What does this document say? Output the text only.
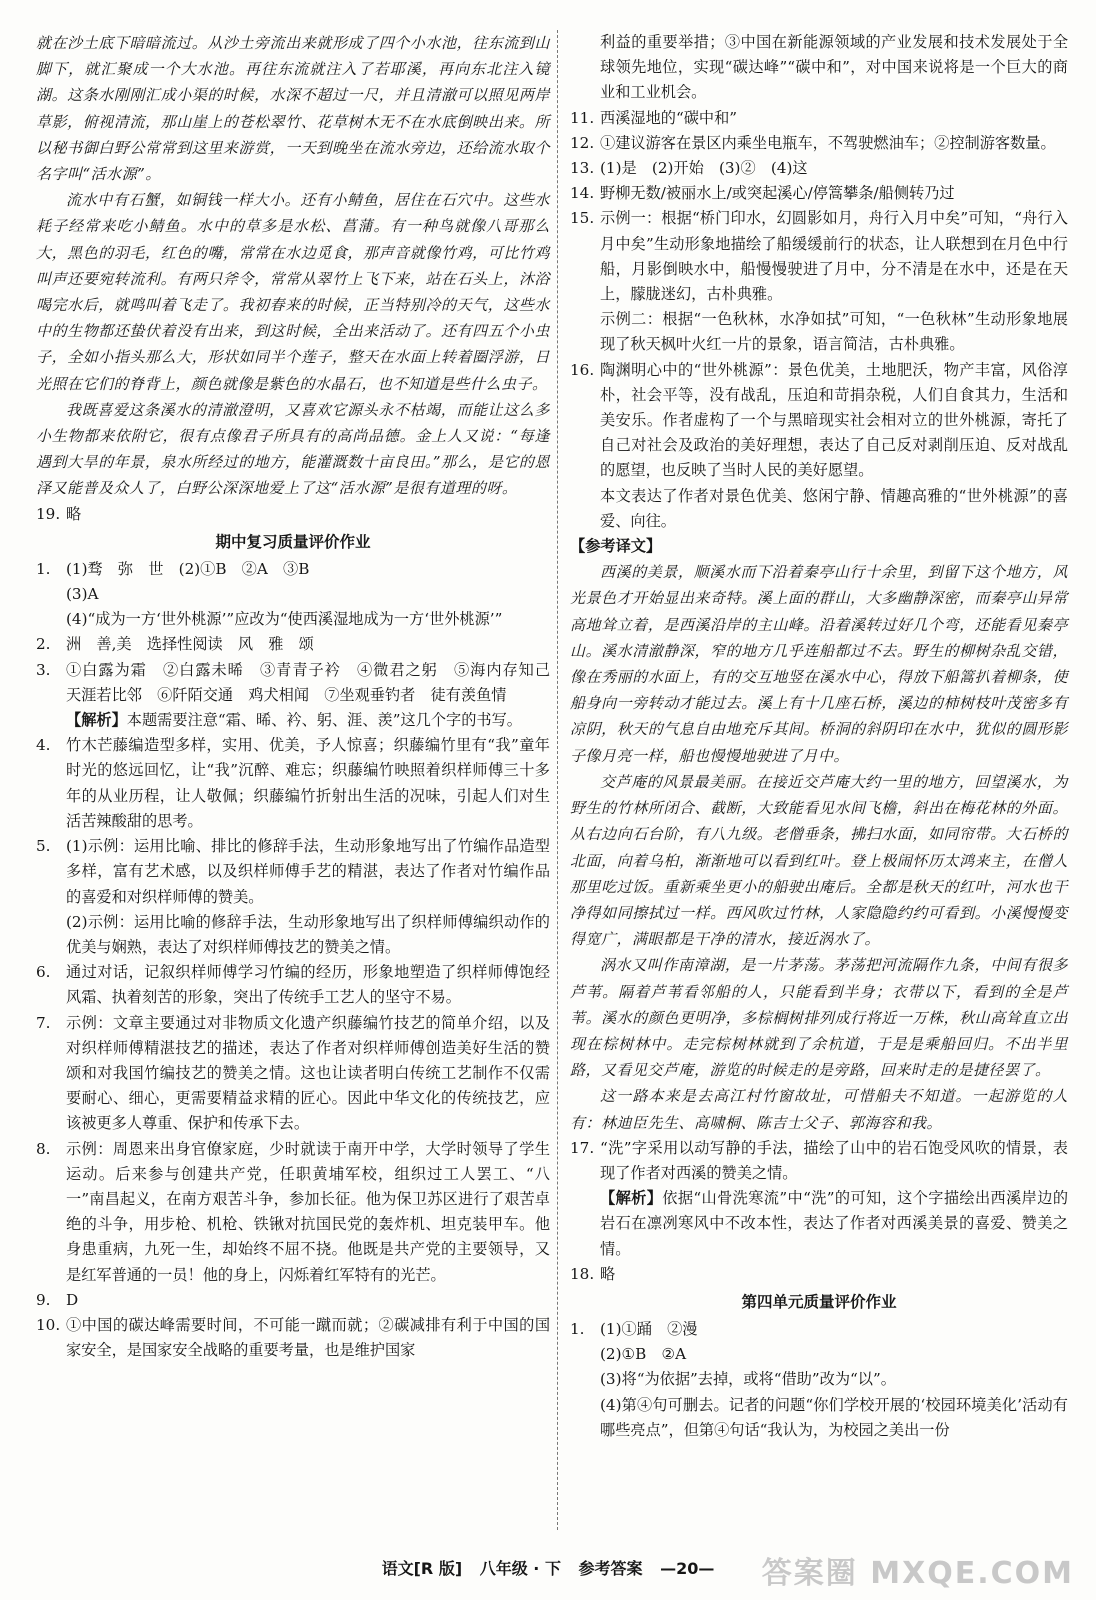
就在沙土底下暗暗流过。从沙土旁流出来就形成了四个小水池，往东流到山脚下，就汇聚成一个大水池。再往东流就注入了若耶溪，再向东北注入镜湖。这条水刚刚汇成小渠的时候，水深不超过一尺，并且清澈可以照见两岸草影，俯视清流，那山崖上的苍松翠竹、花草树木无不在水底倒映出来。所以秘书御白野公常常到这里来游赏，一天到晚坐在流水旁边，还给流水取个名字叫“活水源”。

流水中有石蟹，如铜钱一样大小。还有小鲭鱼，居住在石穴中。这些水耗子经常来吃小鲭鱼。水中的草多是水松、菖蒲。有一种鸟就像八哥那么大，黑色的羽毛，红色的嘴，常常在水边觅食，那声音就像竹鸡，可比竹鸡叫声还要宛转流利。有两只斧令，常常从翠竹上飞下来，站在石头上，沐浴喝完水后，就鸣叫着飞走了。我初春来的时候，正当特别冷的天气，这些水中的生物都还蛰伏着没有出来，到这时候，全出来活动了。还有四五个小虫子，全如小指头那么大，形状如同半个莲子，整天在水面上转着圈浮游，日光照在它们的脊背上，颜色就像是紫色的水晶石，也不知道是些什么虫子。

我既喜爱这条溪水的清澈澄明，又喜欢它源头永不枯竭，而能让这么多小生物都来依附它，很有点像君子所具有的高尚品德。金上人又说：“每逢遇到大旱的年景，泉水所经过的地方，能灌溉数十亩良田。”那么，是它的恩泽又能普及众人了，白野公深深地爱上了这“活水源”是很有道理的呀。

19. 略
期中复习质量评价作业
1.	(1)骛　弥　世　(2)①B　②A　③B

(3)A

(4)“成为一方‘世外桃源’”应改为“使西溪湿地成为一方‘世外桃源’”

2.	洲　善,美　选择性阅读　风　雅　颂
3.	①白露为霜　②白露未晞　③青青子衿　④微君之躬　⑤海内存知己　天涯若比邻　⑥阡陌交通　鸡犬相闻　⑦坐观垂钓者　徒有羡鱼情

【解析】本题需要注意“霜、晞、衿、躬、涯、羡”这几个字的书写。

4.	竹木芒藤编造型多样，实用、优美，予人惊喜；织藤编竹里有“我”童年时光的悠远回忆，让“我”沉醉、难忘；织藤编竹映照着织样师傅三十多年的从业历程，让人敬佩；织藤编竹折射出生活的况味，引起人们对生活苦辣酸甜的思考。
5.	(1)示例：运用比喻、排比的修辞手法，生动形象地写出了竹编作品造型多样，富有艺术感，以及织样师傅手艺的精湛，表达了作者对竹编作品的喜爱和对织样师傅的赞美。

(2)示例：运用比喻的修辞手法，生动形象地写出了织样师傅编织动作的优美与娴熟，表达了对织样师傅技艺的赞美之情。

6.	通过对话，记叙织样师傅学习竹编的经历，形象地塑造了织样师傅饱经风霜、执着刻苦的形象，突出了传统手工艺人的坚守不易。
7.	示例：文章主要通过对非物质文化遗产织藤编竹技艺的简单介绍，以及对织样师傅精湛技艺的描述，表达了作者对织样师傅创造美好生活的赞颂和对我国竹编技艺的赞美之情。这也让读者明白传统工艺制作不仅需要耐心、细心，更需要精益求精的匠心。因此中华文化的传统技艺，应该被更多人尊重、保护和传承下去。
8.	示例：周恩来出身官僚家庭，少时就读于南开中学，大学时领导了学生运动。后来参与创建共产党，任职黄埔军校，组织过工人罢工、“八一”南昌起义，在南方艰苦斗争，参加长征。他为保卫苏区进行了艰苦卓绝的斗争，用步枪、机枪、铁锹对抗国民党的轰炸机、坦克装甲车。他身患重病，九死一生，却始终不屈不挠。他既是共产党的主要领导，又是红军普通的一员！他的身上，闪烁着红军特有的光芒。
9.	D
10. ①中国的碳达峰需要时间，不可能一蹴而就；②碳减排有利于中国的国家安全，是国家安全战略的重要考量，也是维护国家

利益的重要举措；③中国在新能源领域的产业发展和技术发展处于全球领先地位，实现“碳达峰”“碳中和”，对中国来说将是一个巨大的商业和工业机会。

11. 西溪湿地的“碳中和”
12. ①建议游客在景区内乘坐电瓶车，不驾驶燃油车；②控制游客数量。
13. (1)是　(2)开始　(3)②　(4)这
14. 野柳无数/被丽水上/或突起溪心/停篙攀条/船侧转乃过
15. 示例一：根据“桥门印水，幻圆影如月，舟行入月中矣”可知，“舟行入月中矣”生动形象地描绘了船缓缓前行的状态，让人联想到在月色中行船，月影倒映水中，船慢慢驶进了月中，分不清是在水中，还是在天上，朦胧迷幻，古朴典雅。

示例二：根据“一色秋林，水净如拭”可知，“一色秋林”生动形象地展现了秋天枫叶火红一片的景象，语言简洁，古朴典雅。

16. 陶渊明心中的“世外桃源”：景色优美，土地肥沃，物产丰富，风俗淳朴，社会平等，没有战乱，压迫和苛捐杂税，人们自食其力，生活和美安乐。作者虚构了一个与黑暗现实社会相对立的世外桃源，寄托了自己对社会及政治的美好理想，表达了自己反对剥削压迫、反对战乱的愿望，也反映了当时人民的美好愿望。

本文表达了作者对景色优美、悠闲宁静、情趣高雅的“世外桃源”的喜爱、向往。

【参考译文】

西溪的美景，顺溪水而下沿着秦亭山行十余里，到留下这个地方，风光景色才开始显出来奇特。溪上面的群山，大多幽静深密，而秦亭山异常高地耸立着，是西溪沿岸的主山峰。沿着溪转过好几个弯，还能看见秦亭山。溪水清澈静深，窄的地方几乎连船都过不去。野生的柳树杂乱交错，像在秀丽的水面上，有的交互地竖在溪水中心，得放下船篙扒着柳条，使船身向一旁转动才能过去。溪上有十几座石桥，溪边的柿树枝叶茂密多有凉阴，秋天的气息自由地充斥其间。桥洞的斜阴印在水中，犹似的圆形影子像月亮一样，船也慢慢地驶进了月中。

交芦庵的风景最美丽。在接近交芦庵大约一里的地方，回望溪水，为野生的竹林所闭合、截断，大致能看见水间飞檐，斜出在梅花林的外面。从右边向石台阶，有八九级。老僧垂条，拂扫水面，如同帘带。大石桥的北面，向着乌桕，渐渐地可以看到红叶。登上极闹怀历太鸿来主，在僧人那里吃过饭。重新乘坐更小的船驶出庵后。全都是秋天的红叶，河水也干净得如同擦拭过一样。西风吹过竹林，人家隐隐约约可看到。小溪慢慢变得宽广，满眼都是干净的清水，接近涡水了。

涡水又叫作南漳湖，是一片茅荡。茅荡把河流隔作九条，中间有很多芦苇。隔着芦苇看邻船的人，只能看到半身；衣带以下，看到的全是芦苇。溪水的颜色更明净，多棕榈树排列成行将近一万株，秋山高耸直立出现在棕树林中。走完棕树林就到了余杭道，于是是乘船回归。不出半里路，又看见交芦庵，游览的时候走的是旁路，回来时走的是捷径罢了。

这一路本来是去高江村竹窗故址，可惜船夫不知道。一起游览的人有：林迪臣先生、高啸桐、陈吉士父子、郭海容和我。

17. “洗”字采用以动写静的手法，描绘了山中的岩石饱受风吹的情景，表现了作者对西溪的赞美之情。

【解析】依据“山骨洗寒流”中“洗”的可知，这个字描绘出西溪岸边的岩石在凛冽寒风中不改本性，表达了作者对西溪美景的喜爱、赞美之情。

18. 略
第四单元质量评价作业
1.	(1)①踊　②漫

(2)①B　②A

(3)将“为依据”去掉，或将“借助”改为“以”。

(4)第④句可删去。记者的问题“你们学校开展的‘校园环境美化’活动有哪些亮点”，但第④句话“我认为，为校园之美出一份

语文[R 版] 八年级 · 下 参考答案 —20—	答案圈 MXQE.COM
